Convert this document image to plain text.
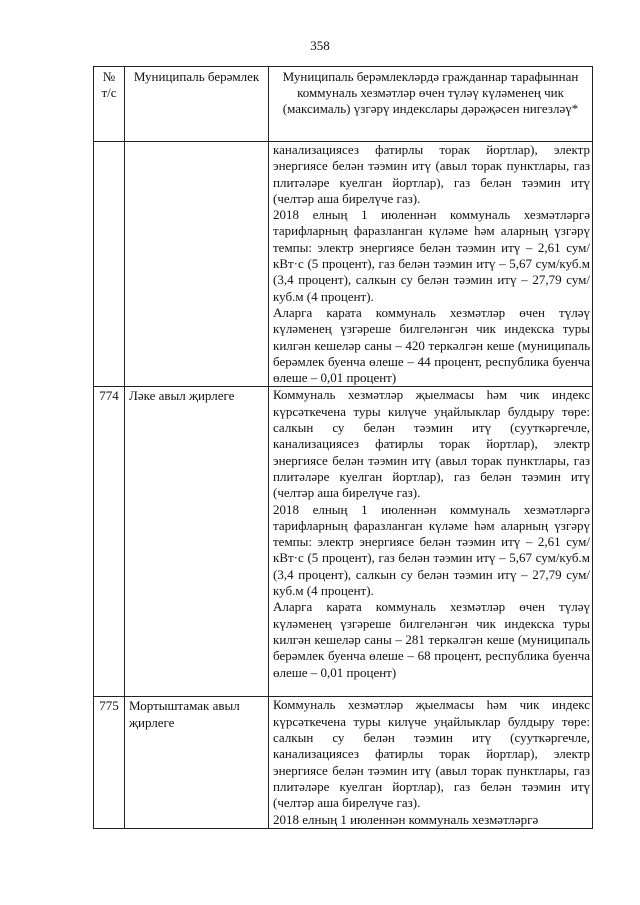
358
№ т/с	Муниципаль берәмлек	Муниципаль берәмлекләрдә гражданнар тарафыннан коммуналь хезмәтләр өчен түләү күләменең чик (максималь) үзгәрү индекслары дәрәҗәсен нигезләү*

		канализациясез фатирлы торак йортлар), электр энергиясе белән тәэмин итү (авыл торак пунктлары, газ плитәләре куелган йортлар), газ белән тәэмин итү (челтәр аша бирелүче газ).
2018 елның 1 июленнән коммуналь хезмәтләргә тарифларның фаразланган күләме һәм аларның үзгәрү темпы: электр энергиясе белән тәэмин итү – 2,61 сум/кВт·с (5 процент), газ белән тәэмин итү – 5,67 сум/куб.м (3,4 процент), салкын су белән тәэмин итү – 27,79 сум/куб.м (4 процент).
Аларга карата коммуналь хезмәтләр өчен түләү күләменең үзгәреше билгеләнгән чик индекска туры килгән кешеләр саны – 420 теркәлгән кеше (муниципаль берәмлек буенча өлеше – 44 процент, республика буенча өлеше – 0,01 процент)

774	Ләке авыл җирлеге	Коммуналь хезмәтләр җыелмасы һәм чик индекс күрсәткечена туры килүче уңайлыклар булдыру төре: салкын су белән тәэмин итү (сууткәргечле, канализациясез фатирлы торак йортлар), электр энергиясе белән тәэмин итү (авыл торак пунктлары, газ плитәләре куелган йортлар), газ белән тәэмин итү (челтәр аша бирелүче газ).
2018 елның 1 июленнән коммуналь хезмәтләргә тарифларның фаразланган күләме һәм аларның үзгәрү темпы: электр энергиясе белән тәэмин итү – 2,61 сум/кВт·с (5 процент), газ белән тәэмин итү – 5,67 сум/куб.м (3,4 процент), салкын су белән тәэмин итү – 27,79 сум/куб.м (4 процент).
Аларга карата коммуналь хезмәтләр өчен түләү күләменең үзгәреше билгеләнгән чик индекска туры килгән кешеләр саны – 281 теркәлгән кеше (муниципаль берәмлек буенча өлеше – 68 процент, республика буенча өлеше – 0,01 процент)

775	Мортыштамак авыл җирлеге	Коммуналь хезмәтләр җыелмасы һәм чик индекс күрсәткечена туры килүче уңайлыклар булдыру төре: салкын су белән тәэмин итү (сууткәргечле, канализациясез фатирлы торак йортлар), электр энергиясе белән тәэмин итү (авыл торак пунктлары, газ плитәләре куелган йортлар), газ белән тәэмин итү (челтәр аша бирелүче газ).
2018 елның 1 июленнән коммуналь хезмәтләргә
